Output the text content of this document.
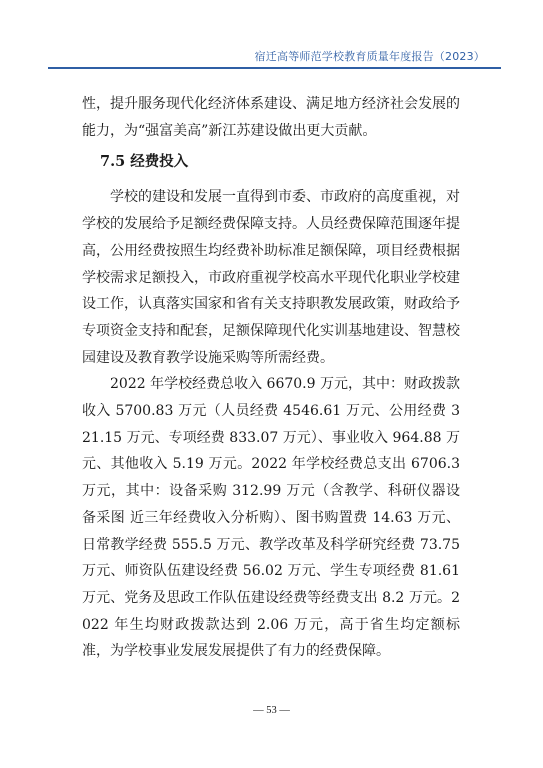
宿迁高等师范学校教育质量年度报告（2023）

性，提升服务现代化经济体系建设、满足地方经济社会发展的能力，为“强富美高”新江苏建设做出更大贡献。

7.5 经费投入

学校的建设和发展一直得到市委、市政府的高度重视，对学校的发展给予足额经费保障支持。人员经费保障范围逐年提高，公用经费按照生均经费补助标准足额保障，项目经费根据学校需求足额投入，市政府重视学校高水平现代化职业学校建设工作，认真落实国家和省有关支持职教发展政策，财政给予专项资金支持和配套，足额保障现代化实训基地建设、智慧校园建设及教育教学设施采购等所需经费。

2022 年学校经费总收入 6670.9 万元，其中：财政拨款收入 5700.83 万元（人员经费 4546.61 万元、公用经费 321.15 万元、专项经费 833.07 万元）、事业收入 964.88 万元、其他收入 5.19 万元。2022 年学校经费总支出 6706.3 万元，其中：设备采购 312.99 万元（含教学、科研仪器设备采图 近三年经费收入分析购）、图书购置费 14.63 万元、日常教学经费 555.5 万元、教学改革及科学研究经费 73.75 万元、师资队伍建设经费 56.02 万元、学生专项经费 81.61 万元、党务及思政工作队伍建设经费等经费支出 8.2 万元。2022 年生均财政拨款达到 2.06 万元，高于省生均定额标准，为学校事业发展发展提供了有力的经费保障。

— 53 —
